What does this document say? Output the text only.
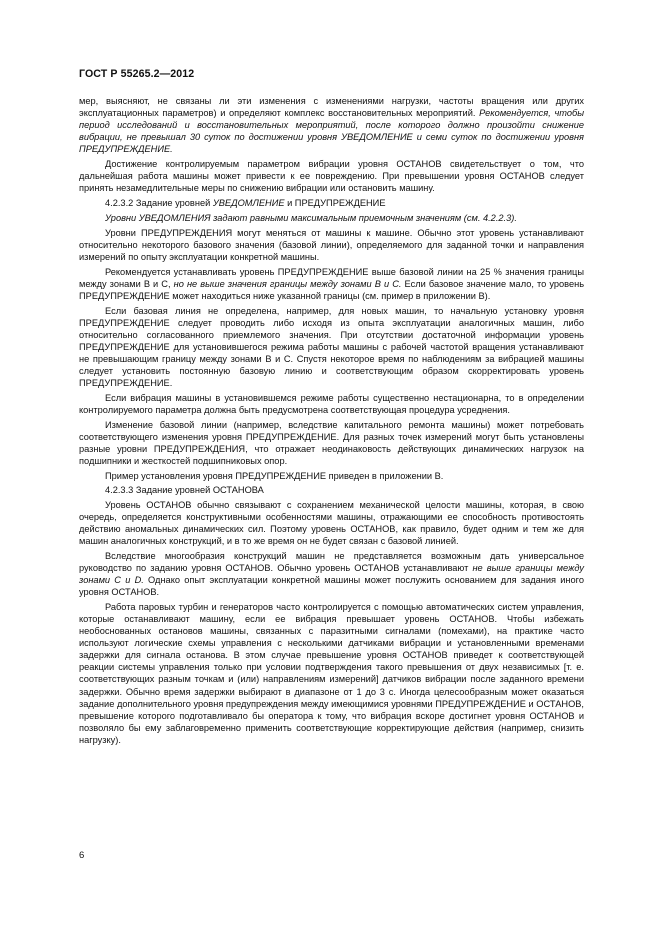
ГОСТ Р 55265.2—2012

мер, выясняют, не связаны ли эти изменения с изменениями нагрузки, частоты вращения или других эксплуатационных параметров) и определяют комплекс восстановительных мероприятий. Рекомендуется, чтобы период исследований и восстановительных мероприятий, после которого должно произойти снижение вибрации, не превышал 30 суток по достижении уровня УВЕДОМЛЕНИЕ и семи суток по достижении уровня ПРЕДУПРЕЖДЕНИЕ.

Достижение контролируемым параметром вибрации уровня ОСТАНОВ свидетельствует о том, что дальнейшая работа машины может привести к ее повреждению. При превышении уровня ОСТАНОВ следует принять незамедлительные меры по снижению вибрации или остановить машину.

4.2.3.2 Задание уровней УВЕДОМЛЕНИЕ и ПРЕДУПРЕЖДЕНИЕ

Уровни УВЕДОМЛЕНИЯ задают равными максимальным приемочным значениям (см. 4.2.2.3).

Уровни ПРЕДУПРЕЖДЕНИЯ могут меняться от машины к машине. Обычно этот уровень устанавливают относительно некоторого базового значения (базовой линии), определяемого для заданной точки и направления измерений по опыту эксплуатации конкретной машины.

Рекомендуется устанавливать уровень ПРЕДУПРЕЖДЕНИЕ выше базовой линии на 25 % значения границы между зонами В и С, но не выше значения границы между зонами В и С. Если базовое значение мало, то уровень ПРЕДУПРЕЖДЕНИЕ может находиться ниже указанной границы (см. пример в приложении В).

Если базовая линия не определена, например, для новых машин, то начальную установку уровня ПРЕДУПРЕЖДЕНИЕ следует проводить либо исходя из опыта эксплуатации аналогичных машин, либо относительно согласованного приемлемого значения. При отсутствии достаточной информации уровень ПРЕДУПРЕЖДЕНИЕ для установившегося режима работы машины с рабочей частотой вращения устанавливают не превышающим границу между зонами В и С. Спустя некоторое время по наблюдениям за вибрацией машины следует установить постоянную базовую линию и соответствующим образом скорректировать уровень ПРЕДУПРЕЖДЕНИЕ.

Если вибрация машины в установившемся режиме работы существенно нестационарна, то в определении контролируемого параметра должна быть предусмотрена соответствующая процедура усреднения.

Изменение базовой линии (например, вследствие капитального ремонта машины) может потребовать соответствующего изменения уровня ПРЕДУПРЕЖДЕНИЕ. Для разных точек измерений могут быть установлены разные уровни ПРЕДУПРЕЖДЕНИЯ, что отражает неодинаковость действующих динамических нагрузок на подшипники и жесткостей подшипниковых опор.

Пример установления уровня ПРЕДУПРЕЖДЕНИЕ приведен в приложении В.

4.2.3.3 Задание уровней ОСТАНОВА

Уровень ОСТАНОВ обычно связывают с сохранением механической целости машины, которая, в свою очередь, определяется конструктивными особенностями машины, отражающими ее способность противостоять действию аномальных динамических сил. Поэтому уровень ОСТАНОВ, как правило, будет одним и тем же для машин аналогичных конструкций, и в то же время он не будет связан с базовой линией.

Вследствие многообразия конструкций машин не представляется возможным дать универсальное руководство по заданию уровня ОСТАНОВ. Обычно уровень ОСТАНОВ устанавливают не выше границы между зонами С и D. Однако опыт эксплуатации конкретной машины может послужить основанием для задания иного уровня ОСТАНОВ.

Работа паровых турбин и генераторов часто контролируется с помощью автоматических систем управления, которые останавливают машину, если ее вибрация превышает уровень ОСТАНОВ. Чтобы избежать необоснованных остановов машины, связанных с паразитными сигналами (помехами), на практике часто используют логические схемы управления с несколькими датчиками вибрации и установленными временами задержки для сигнала останова. В этом случае превышение уровня ОСТАНОВ приведет к соответствующей реакции системы управления только при условии подтверждения такого превышения от двух независимых [т. е. соответствующих разным точкам и (или) направлениям измерений] датчиков вибрации после заданного времени задержки. Обычно время задержки выбирают в диапазоне от 1 до 3 с. Иногда целесообразным может оказаться задание дополнительного уровня предупреждения между имеющимися уровнями ПРЕДУПРЕЖДЕНИЕ и ОСТАНОВ, превышение которого подготавливало бы оператора к тому, что вибрация вскоре достигнет уровня ОСТАНОВ и позволяло бы ему заблаговременно применить соответствующие корректирующие действия (например, снизить нагрузку).

6
